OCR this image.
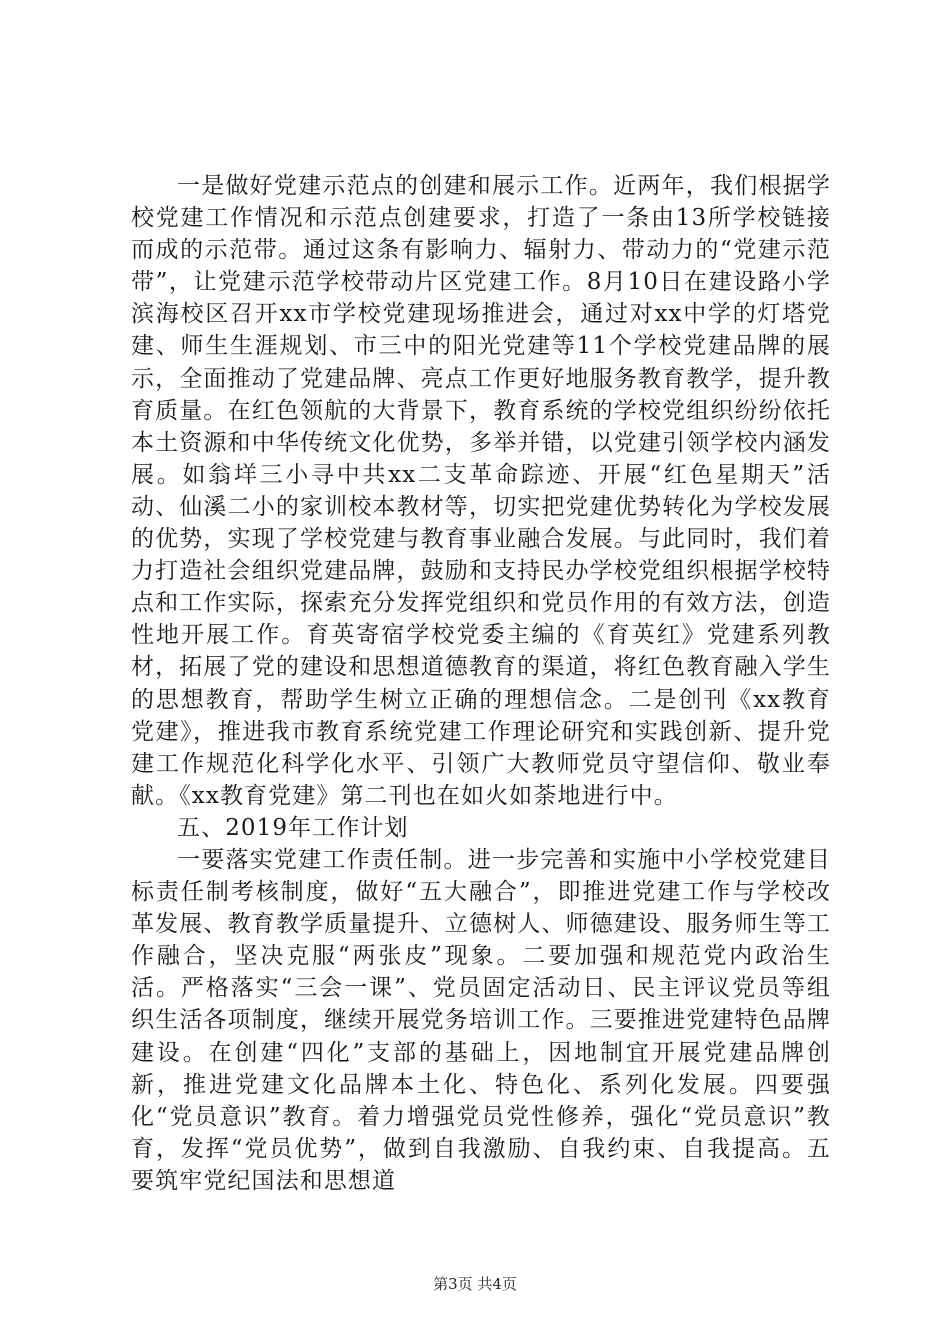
一是做好党建示范点的创建和展示工作。近两年，我们根据学校党建工作情况和示范点创建要求，打造了一条由13所学校链接而成的示范带。通过这条有影响力、辐射力、带动力的“党建示范带”，让党建示范学校带动片区党建工作。8月10日在建设路小学滨海校区召开xx市学校党建现场推进会，通过对xx中学的灯塔党建、师生生涯规划、市三中的阳光党建等11个学校党建品牌的展示，全面推动了党建品牌、亮点工作更好地服务教育教学，提升教育质量。在红色领航的大背景下，教育系统的学校党组织纷纷依托本土资源和中华传统文化优势，多举并错，以党建引领学校内涵发展。如翁垟三小寻中共xx二支革命踪迹、开展“红色星期天”活动、仙溪二小的家训校本教材等，切实把党建优势转化为学校发展的优势，实现了学校党建与教育事业融合发展。与此同时，我们着力打造社会组织党建品牌，鼓励和支持民办学校党组织根据学校特点和工作实际，探索充分发挥党组织和党员作用的有效方法，创造性地开展工作。育英寄宿学校党委主编的《育英红》党建系列教材，拓展了党的建设和思想道德教育的渠道，将红色教育融入学生的思想教育，帮助学生树立正确的理想信念。二是创刊《xx教育党建》，推进我市教育系统党建工作理论研究和实践创新、提升党建工作规范化科学化水平、引领广大教师党员守望信仰、敬业奉献。《xx教育党建》第二刊也在如火如荼地进行中。

五、2019年工作计划

一要落实党建工作责任制。进一步完善和实施中小学校党建目标责任制考核制度，做好“五大融合”，即推进党建工作与学校改革发展、教育教学质量提升、立德树人、师德建设、服务师生等工作融合，坚决克服“两张皮”现象。二要加强和规范党内政治生活。严格落实“三会一课”、党员固定活动日、民主评议党员等组织生活各项制度，继续开展党务培训工作。三要推进党建特色品牌建设。在创建“四化”支部的基础上，因地制宜开展党建品牌创新，推进党建文化品牌本土化、特色化、系列化发展。四要强化“党员意识”教育。着力增强党员党性修养，强化“党员意识”教育，发挥“党员优势”，做到自我激励、自我约束、自我提高。五要筑牢党纪国法和思想道

第3页 共4页
